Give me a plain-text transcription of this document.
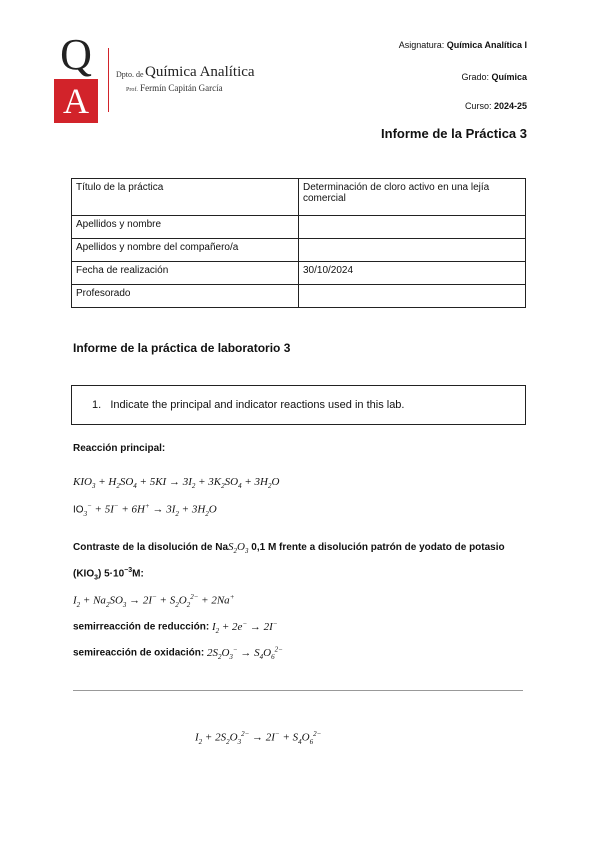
Q
A
Dpto. de Química Analítica
Prof. Fermín Capitán García
Asignatura: Química Analítica I
Grado: Química
Curso: 2024-25
Informe de la Práctica 3
Título de la práctica	Determinación de cloro activo en una lejía comercial
Apellidos y nombre	
Apellidos y nombre del compañero/a	
Fecha de realización	30/10/2024
Profesorado	
Informe de la práctica de laboratorio 3
1. Indicate the principal and indicator reactions used in this lab.
Reacción principal:
$KIO_3 + H_2SO_4 + 5KI \to 3I_2 + 3K_2SO_4 + 3H_2O$
$IO_3^- + 5I^- + 6H^+ \to 3I_2 + 3H_2O$
Contraste de la disolución de $NaS_2O_3$ 0,1 M frente a disolución patrón de yodato de potasio
$(KIO_3)$ $5\cdot 10^{-3}M$:
$I_2 + Na_2SO_3 \to 2I^- + S_2O_2^{2-} + 2Na^+$
semirreacción de reducción: $I_2 + 2e^- \to 2I^-$
semireacción de oxidación: $2S_2O_3^- \to S_4O_6^{2-}$
$I_2 + 2S_2O_3^{2-} \to 2I^- + S_4O_6^{2-}$
